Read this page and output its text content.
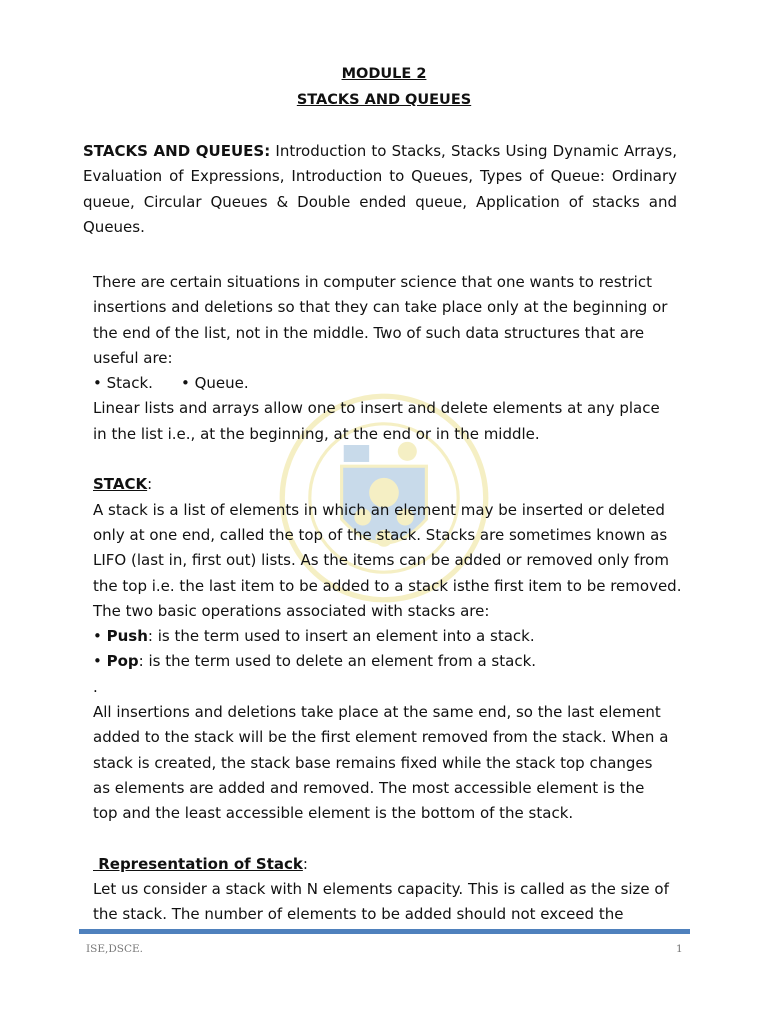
MODULE 2
STACKS AND QUEUES
STACKS AND QUEUES: Introduction to Stacks, Stacks Using Dynamic Arrays, Evaluation of Expressions, Introduction to Queues, Types of Queue: Ordinary queue, Circular Queues & Double ended queue, Application of stacks and Queues.
There are certain situations in computer science that one wants to restrict
insertions and deletions so that they can take place only at the beginning or
the end of the list, not in the middle. Two of such data structures that are
useful are:
• Stack. • Queue.
Linear lists and arrays allow one to insert and delete elements at any place
in the list i.e., at the beginning, at the end or in the middle.
STACK:
A stack is a list of elements in which an element may be inserted or deleted
only at one end, called the top of the stack. Stacks are sometimes known as
LIFO (last in, first out) lists. As the items can be added or removed only from
the top i.e. the last item to be added to a stack isthe first item to be removed.
The two basic operations associated with stacks are:
• Push: is the term used to insert an element into a stack.
• Pop: is the term used to delete an element from a stack.
.
All insertions and deletions take place at the same end, so the last element
added to the stack will be the first element removed from the stack. When a
stack is created, the stack base remains fixed while the stack top changes
as elements are added and removed. The most accessible element is the
top and the least accessible element is the bottom of the stack.
Representation of Stack:
Let us consider a stack with N elements capacity. This is called as the size of
the stack. The number of elements to be added should not exceed the
ISE,DSCE.	1
